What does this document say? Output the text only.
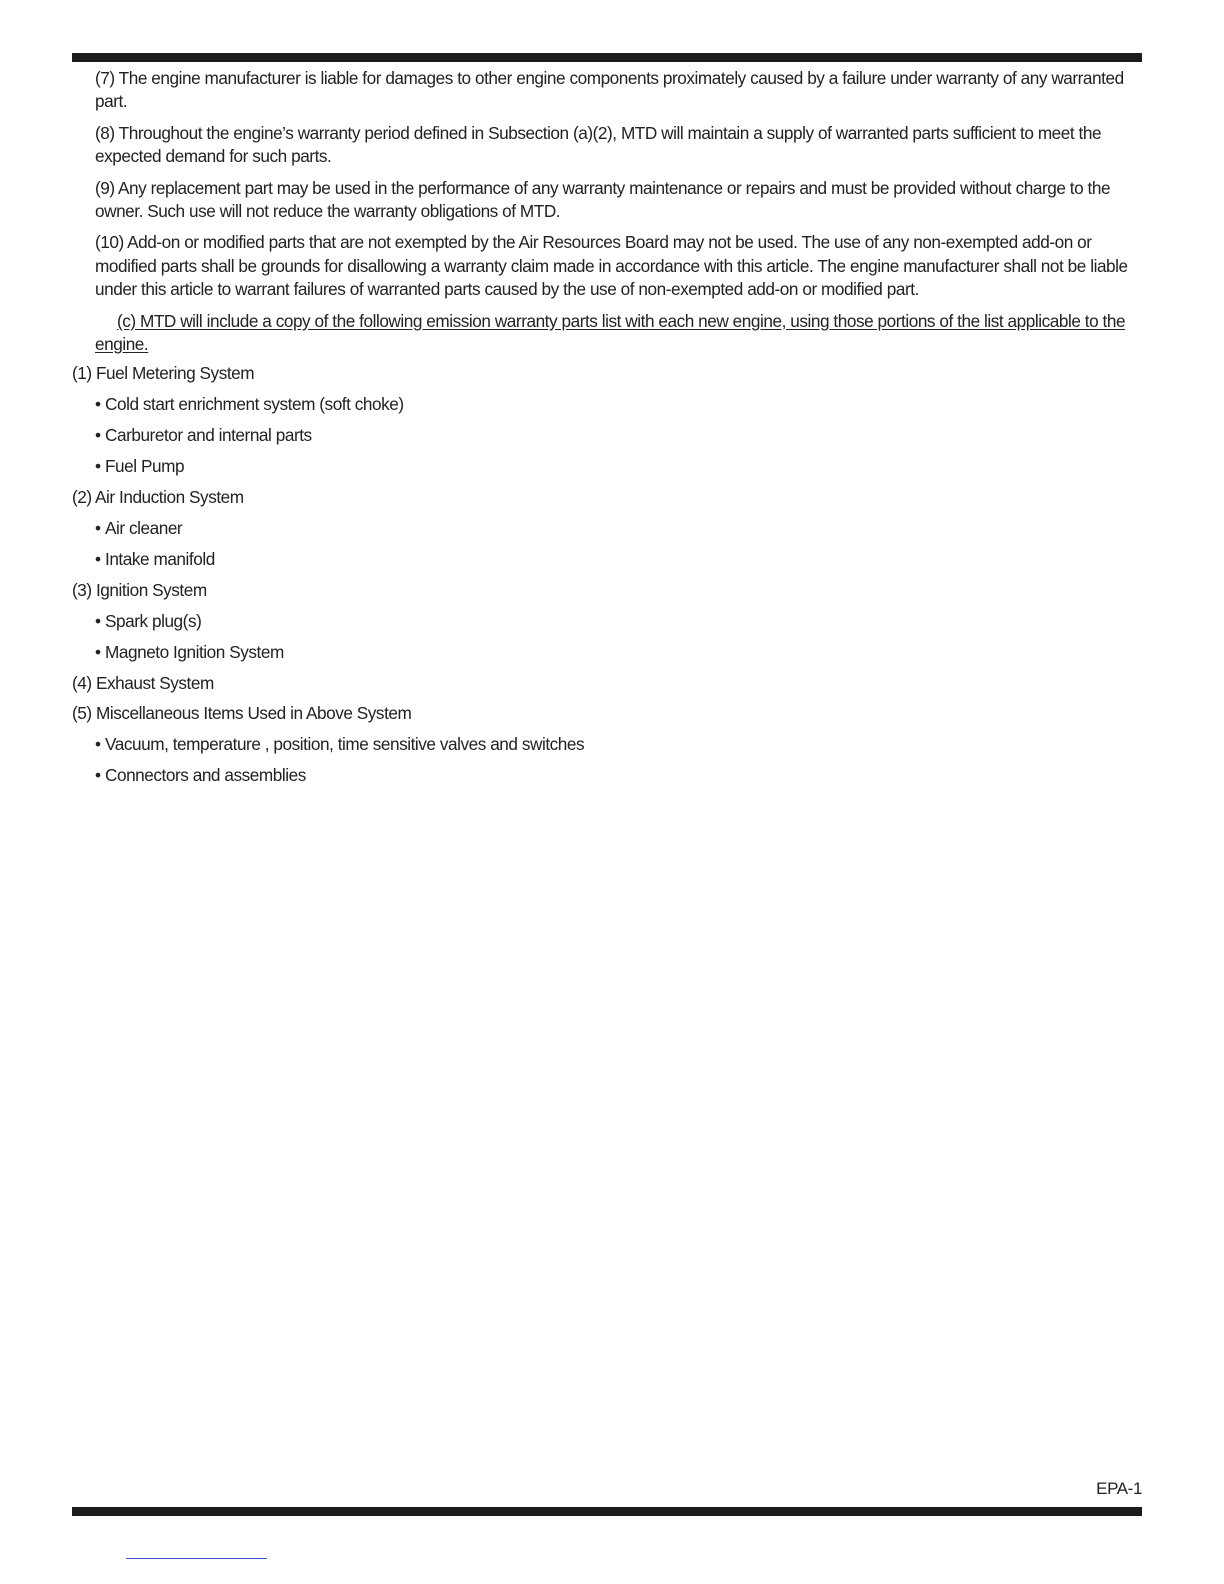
(7) The engine manufacturer is liable for damages to other engine components proximately caused by a failure under warranty of any warranted part.

(8) Throughout the engine’s warranty period defined in Subsection (a)(2), MTD will maintain a supply of warranted parts sufficient to meet the expected demand for such parts.

(9) Any replacement part may be used in the performance of any warranty maintenance or repairs and must be provided without charge to the owner. Such use will not reduce the warranty obligations of MTD.

(10) Add-on or modified parts that are not exempted by the Air Resources Board may not be used. The use of any non-exempted add-on or modified parts shall be grounds for disallowing a warranty claim made in accordance with this article. The engine manufacturer shall not be liable under this article to warrant failures of warranted parts caused by the use of non-exempted add-on or modified part.

(c) MTD will include a copy of the following emission warranty parts list with each new engine, using those portions of the list applicable to the engine.

(1) Fuel Metering System
• Cold start enrichment system (soft choke)
• Carburetor and internal parts
• Fuel Pump
(2) Air Induction System
• Air cleaner
• Intake manifold
(3) Ignition System
• Spark plug(s)
• Magneto Ignition System
(4) Exhaust System
(5) Miscellaneous Items Used in Above System
• Vacuum, temperature , position, time sensitive valves and switches
• Connectors and assemblies
EPA-1
